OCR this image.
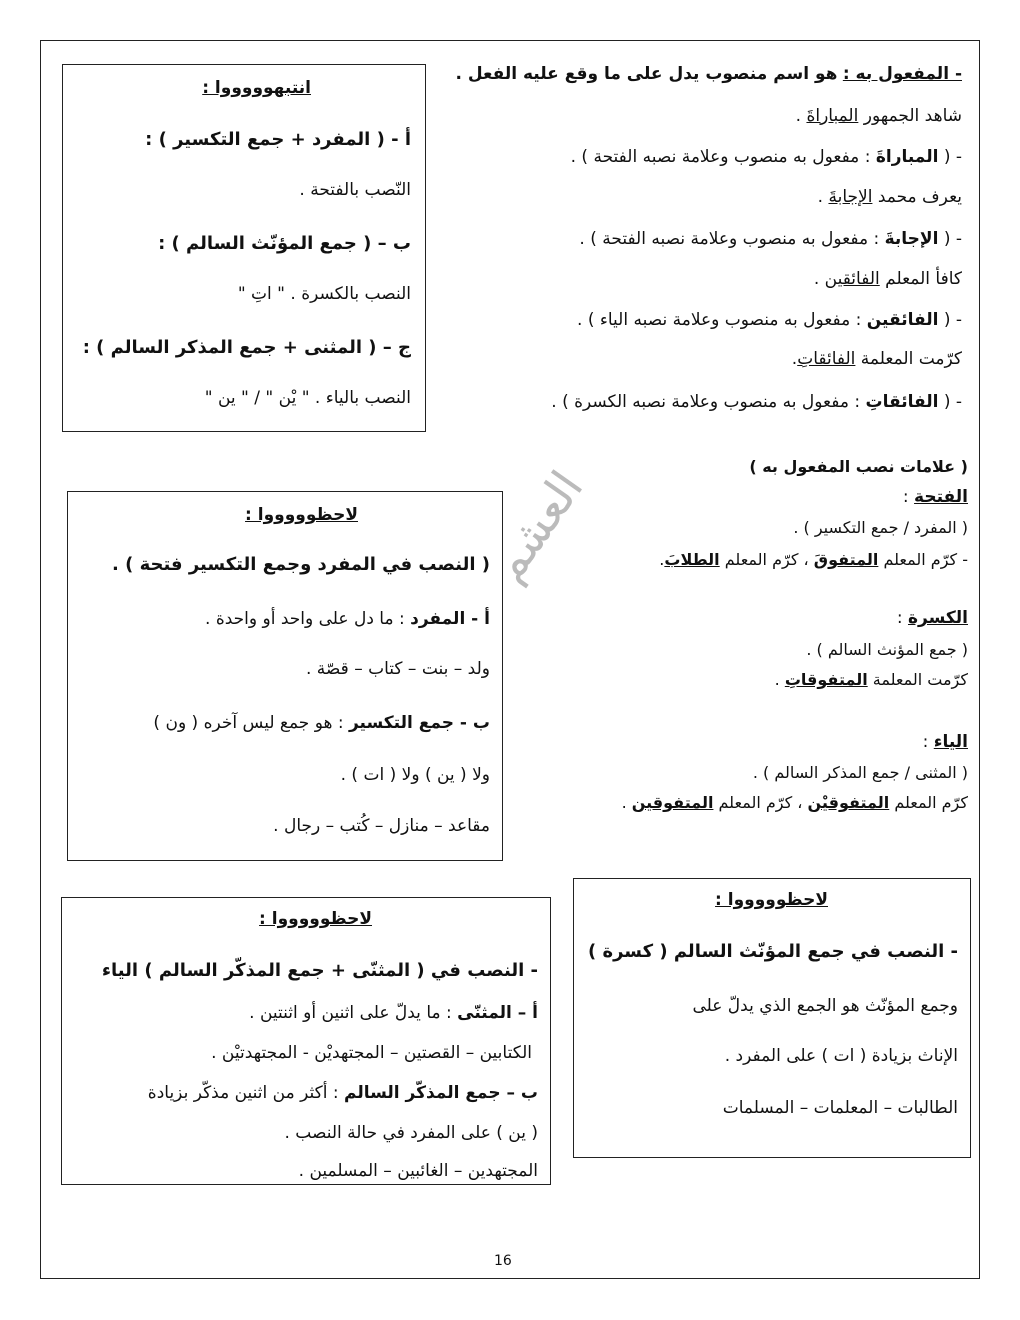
العشم
- المفعول به : هو اسم منصوب يدل على ما وقع عليه الفعل .
شاهد الجمهور المباراةَ .
- ( المباراةَ : مفعول به منصوب وعلامة نصبه الفتحة ) .
يعرف محمد الإجابةَ .
- ( الإجابةَ : مفعول به منصوب وعلامة نصبه الفتحة ) .
كافأ المعلم الفائقين .
- ( الفائقين : مفعول به منصوب وعلامة نصبه الياء ) .
كرّمت المعلمة الفائقاتِ.
- ( الفائقاتِ : مفعول به منصوب وعلامة نصبه الكسرة ) .
( علامات نصب المفعول به )
الفتحة :
( المفرد / جمع التكسير ) .
- كرّم المعلم المتفوقَ ، كرّم المعلم الطلابَ.
الكسرة :
( جمع المؤنث السالم ) .
كرّمت المعلمة المتفوقاتِ .
الياء :
( المثنى / جمع المذكر السالم ) .
كرّم المعلم المتفوقيْن ، كرّم المعلم المتفوقين .
انتبهوووووا :
أ - ( المفرد + جمع التكسير ) :
النّصب بالفتحة .
ب – ( جمع المؤنّث السالم ) :
النصب بالكسرة . " اتِ "
ج – ( المثنى + جمع المذكر السالم ) :
النصب بالياء . " يْن " / " ين "
لاحظوووووا :
( النصب في المفرد وجمع التكسير فتحة ) .
أ - المفرد : ما دل على واحد أو واحدة .
ولد – بنت – كتاب – قصّة .
ب - جمع التكسير : هو جمع ليس آخره ( ون )
ولا ( ين ) ولا ( ات ) .
مقاعد – منازل – كُتب – رجال .
لاحظوووووا :
- النصب في ( المثنّى + جمع المذكّر السالم ) الياء
أ – المثنّى : ما يدلّ على اثنين أو اثنتين .
الكتابين – القصتين – المجتهديْن - المجتهدتيْن .
ب – جمع المذكّر السالم : أكثر من اثنين مذكّر بزيادة
( ين ) على المفرد في حالة النصب .
المجتهدين – الغائبين – المسلمين .
لاحظوووووا :
- النصب في جمع المؤنّث السالم ( كسرة )
وجمع المؤنّث هو الجمع الذي يدلّ على
الإناث بزيادة ( ات ) على المفرد .
الطالبات – المعلمات – المسلمات
16
